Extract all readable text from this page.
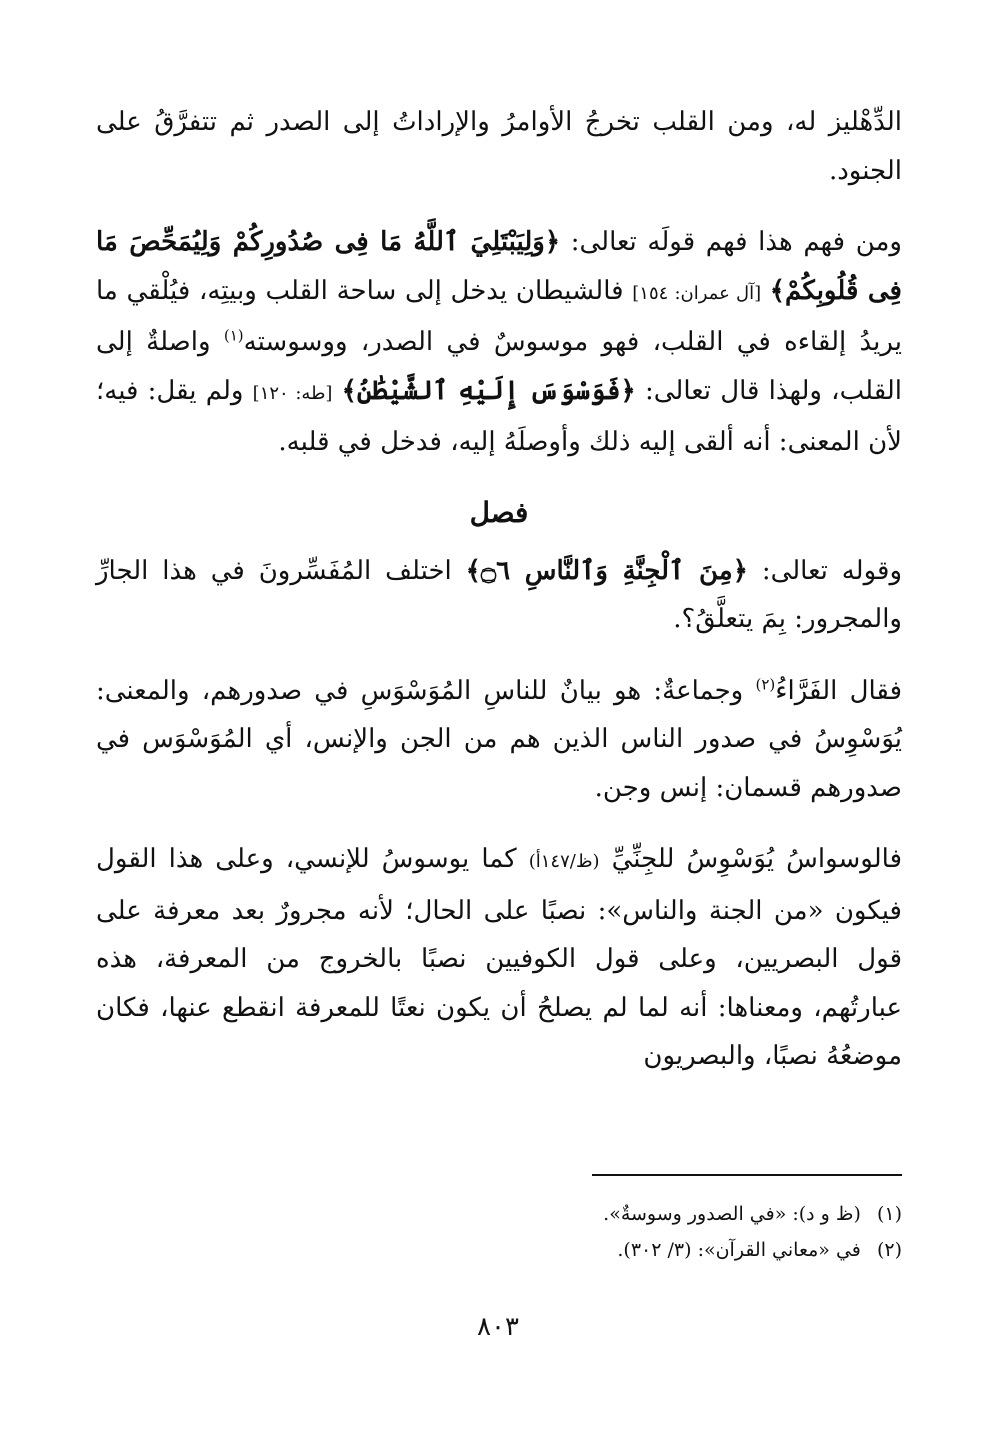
الدِّهْليز له، ومن القلب تخرجُ الأوامرُ والإراداتُ إلى الصدر ثم تتفرَّقُ على الجنود.

ومن فهم هذا فهم قولَه تعالى: ﴿وَلِيَبْتَلِيَ ٱللَّهُ مَا فِى صُدُورِكُمْ وَلِيُمَحِّصَ مَا فِى قُلُوبِكُمْ﴾ [آل عمران: ١٥٤] فالشيطان يدخل إلى ساحة القلب وبيتِه، فيُلْقي ما يريدُ إلقاءه في القلب، فهو موسوسٌ في الصدر، ووسوسته$^{(١)}$ واصلةٌ إلى القلب، ولهذا قال تعالى: ﴿فَوَسْوَسَ إِلَيْهِ ٱلشَّيْطَٰنُ﴾ [طه: ١٢٠] ولم يقل: فيه؛ لأن المعنى: أنه ألقى إليه ذلك وأوصلَهُ إليه، فدخل في قلبه.

فصل

وقوله تعالى: ﴿مِنَ ٱلْجِنَّةِ وَٱلنَّاسِ ۝٦﴾ اختلف المُفَسِّرونَ في هذا الجارِّ والمجرور: بِمَ يتعلَّقُ؟.

فقال الفَرَّاءُ$^{(٢)}$ وجماعةٌ: هو بيانٌ للناسِ المُوَسْوَسِ في صدورهم، والمعنى: يُوَسْوِسُ في صدور الناس الذين هم من الجن والإنس، أي المُوَسْوَس في صدورهم قسمان: إنس وجن.

فالوسواسُ يُوَسْوِسُ للجِنِّيِّ (ظ/١٤٧أ) كما يوسوسُ للإنسي، وعلى هذا القول فيكون «من الجنة والناس»: نصبًا على الحال؛ لأنه مجرورٌ بعد معرفة على قول البصريين، وعلى قول الكوفيين نصبًا بالخروج من المعرفة، هذه عبارتُهم، ومعناها: أنه لما لم يصلحُ أن يكون نعتًا للمعرفة انقطع عنها، فكان موضعُهُ نصبًا، والبصريون

(١) (ظ و د): «في الصدور وسوسةٌ».

(٢) في «معاني القرآن»: (٣/ ٣٠٢).

٨٠٣
